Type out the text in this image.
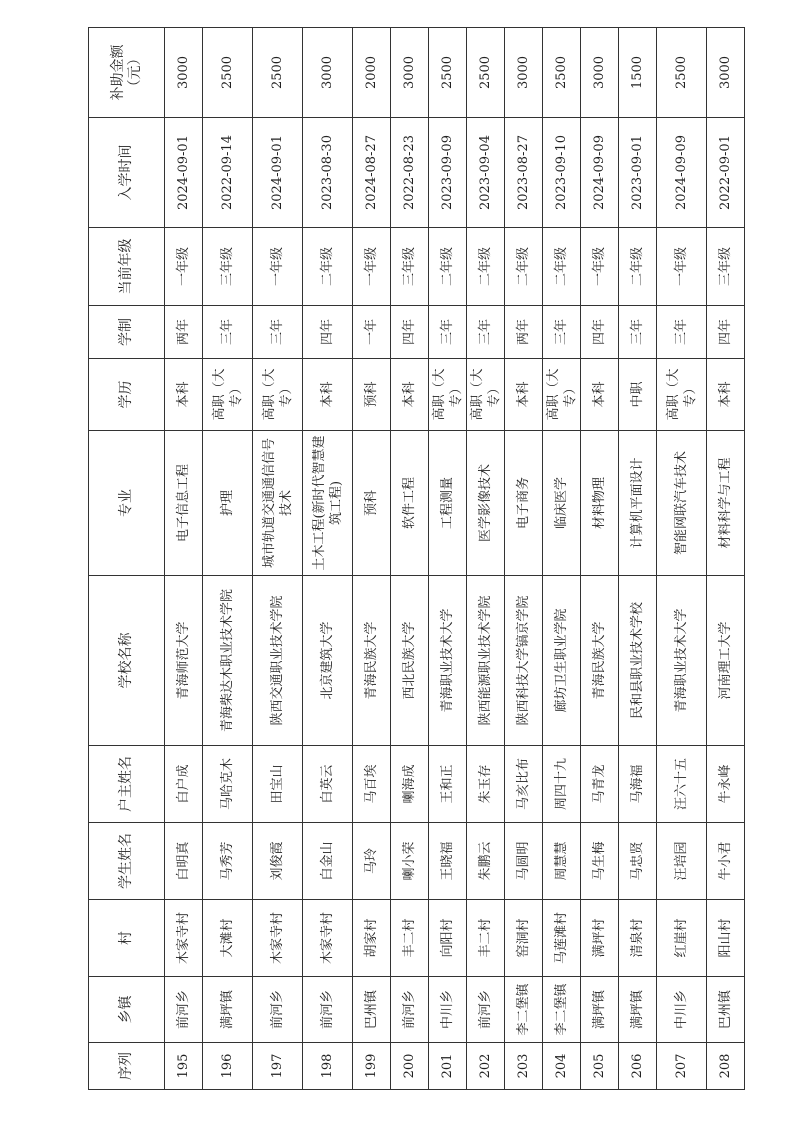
序列	乡镇	村	学生姓名	户主姓名	学校名称	专业	学历	学制	当前年级	入学时间	补助金额（元）
195	前河乡	木家寺村	白明真	白户成	青海师范大学	电子信息工程	本科	两年	一年级	2024-09-01	3000
196	满坪镇	大滩村	马秀芳	马哈克木	青海柴达木职业技术学院	护理	高职（大专）	三年	三年级	2022-09-14	2500
197	前河乡	木家寺村	刘俊霞	田宝山	陕西交通职业技术学院	城市轨道交通通信信号技术	高职（大专）	三年	一年级	2024-09-01	2500
198	前河乡	木家寺村	白金山	白英云	北京建筑大学	土木工程(新时代智慧建筑工程)	本科	四年	二年级	2023-08-30	3000
199	巴州镇	胡家村	马玲	马百埃	青海民族大学	预科	预科	一年	一年级	2024-08-27	2000
200	前河乡	丰二村	喇小荣	喇海成	西北民族大学	软件工程	本科	四年	三年级	2022-08-23	3000
201	中川乡	向阳村	王晓福	王和正	青海职业技术大学	工程测量	高职（大专）	三年	二年级	2023-09-09	2500
202	前河乡	丰二村	朱鹏云	朱玉存	陕西能源职业技术学院	医学影像技术	高职（大专）	三年	二年级	2023-09-04	2500
203	李二堡镇	窑洞村	马圆明	马亥比布	陕西科技大学镐京学院	电子商务	本科	两年	二年级	2023-08-27	3000
204	李二堡镇	马莲滩村	周慧慧	周四十九	廊坊卫生职业学院	临床医学	高职（大专）	三年	二年级	2023-09-10	2500
205	满坪镇	满坪村	马生梅	马青龙	青海民族大学	材料物理	本科	四年	一年级	2024-09-09	3000
206	满坪镇	清泉村	马忠贤	马海福	民和县职业技术学校	计算机平面设计	中职	三年	二年级	2023-09-01	1500
207	中川乡	红崖村	汪培园	汪六十五	青海职业技术大学	智能网联汽车技术	高职（大专）	三年	一年级	2024-09-09	2500
208	巴州镇	阳山村	牛小君	牛永峰	河南理工大学	材料科学与工程	本科	四年	三年级	2022-09-01	3000
